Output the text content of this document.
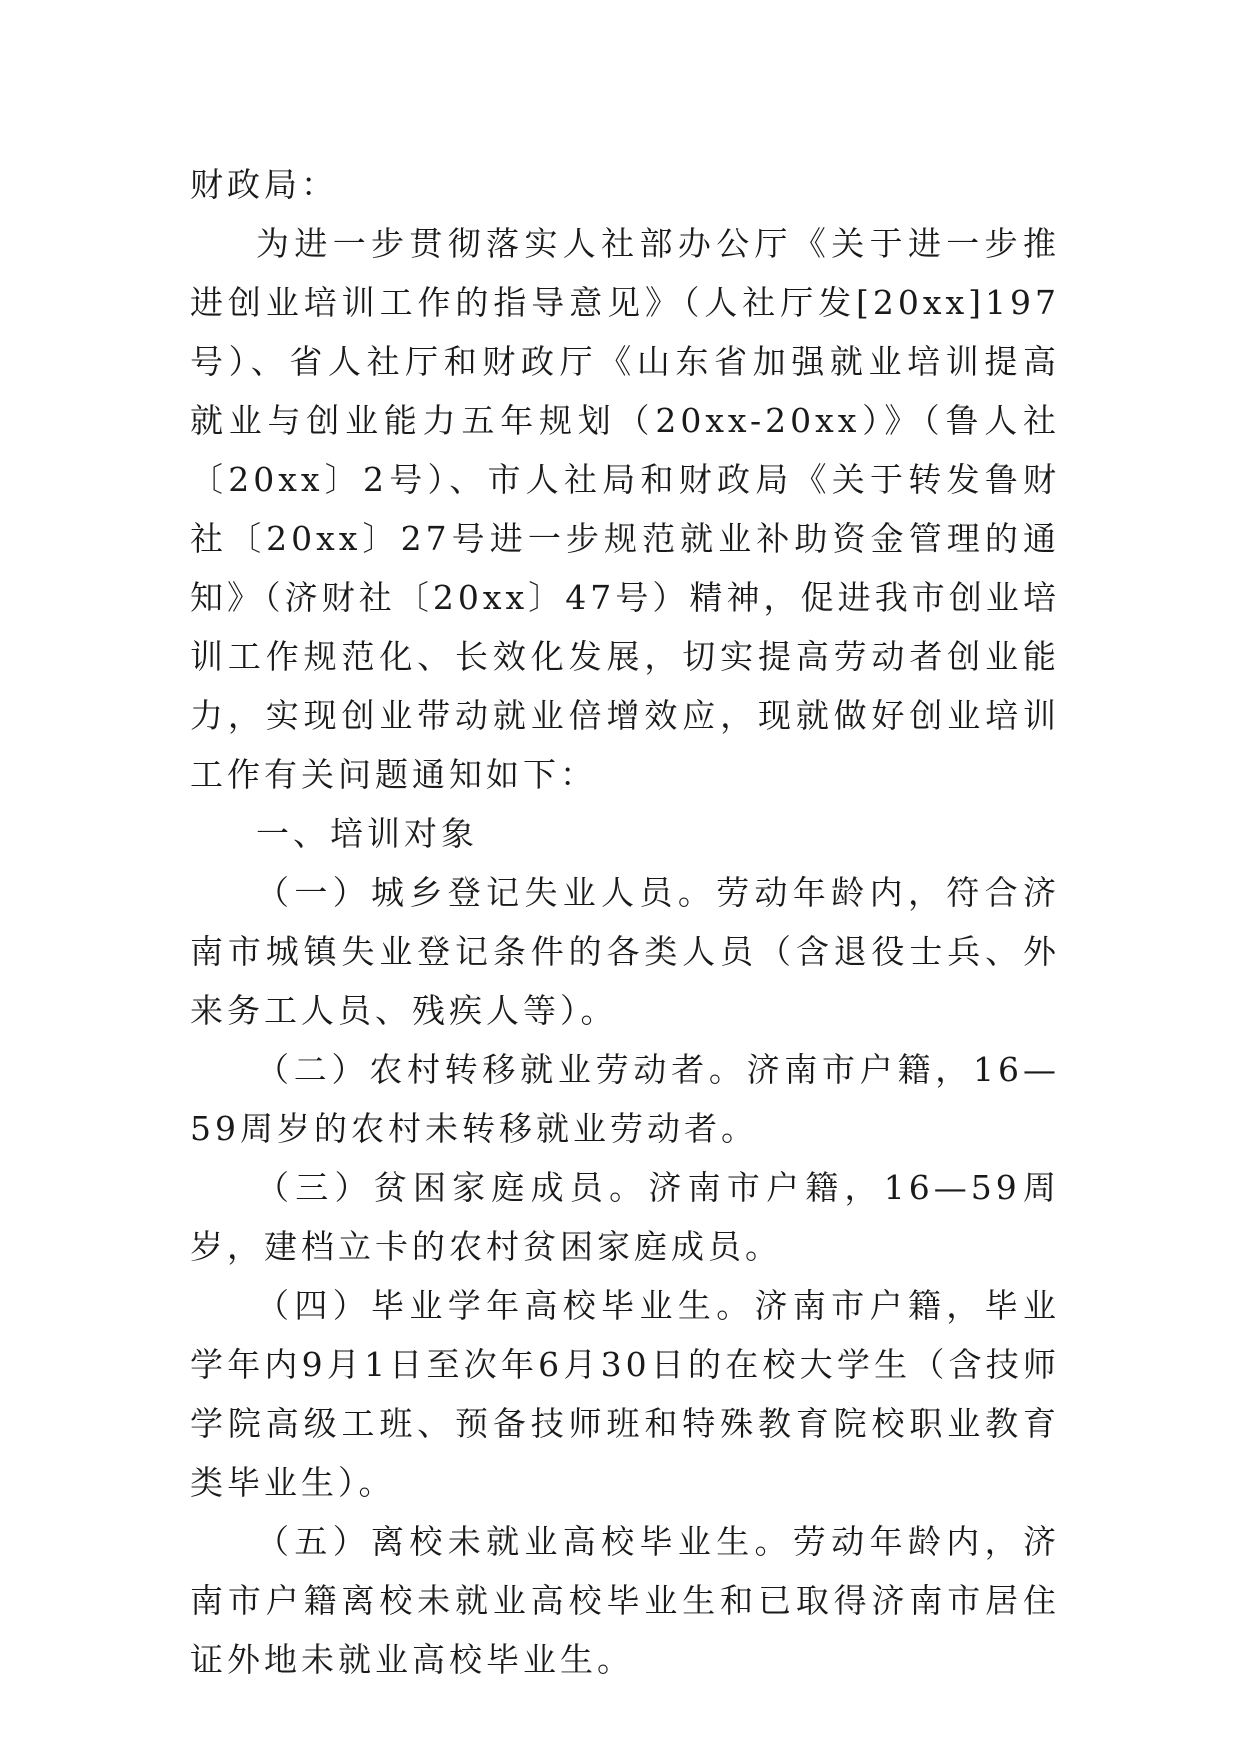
财政局：

为进一步贯彻落实人社部办公厅《关于进一步推进创业培训工作的指导意见》（人社厅发[20xx]197号）、省人社厅和财政厅《山东省加强就业培训提高就业与创业能力五年规划（20xx-20xx）》（鲁人社〔20xx〕2号）、市人社局和财政局《关于转发鲁财社〔20xx〕27号进一步规范就业补助资金管理的通知》（济财社〔20xx〕47号）精神，促进我市创业培训工作规范化、长效化发展，切实提高劳动者创业能力，实现创业带动就业倍增效应，现就做好创业培训工作有关问题通知如下：

一、培训对象

（一）城乡登记失业人员。劳动年龄内，符合济南市城镇失业登记条件的各类人员（含退役士兵、外来务工人员、残疾人等）。

（二）农村转移就业劳动者。济南市户籍，16—59周岁的农村未转移就业劳动者。

（三）贫困家庭成员。济南市户籍，16—59周岁，建档立卡的农村贫困家庭成员。

（四）毕业学年高校毕业生。济南市户籍，毕业学年内9月1日至次年6月30日的在校大学生（含技师学院高级工班、预备技师班和特殊教育院校职业教育类毕业生）。

（五）离校未就业高校毕业生。劳动年龄内，济南市户籍离校未就业高校毕业生和已取得济南市居住证外地未就业高校毕业生。
